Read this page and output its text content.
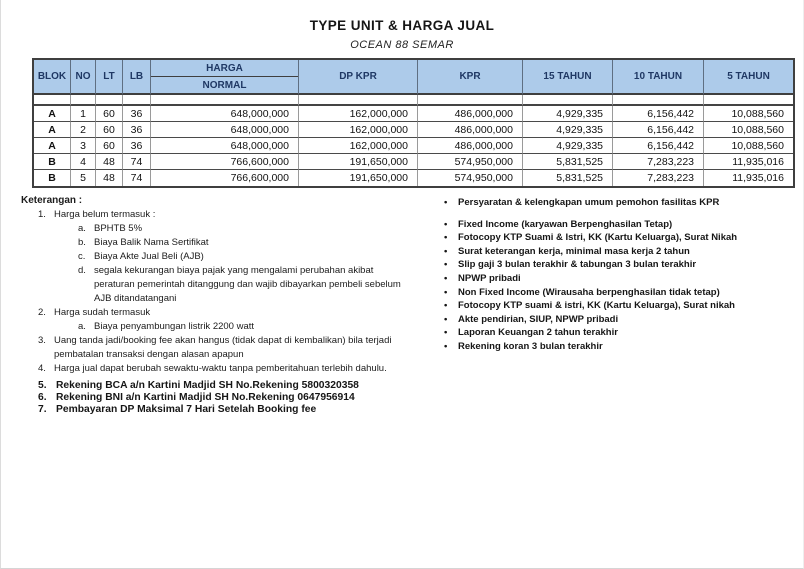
TYPE UNIT & HARGA JUAL
OCEAN 88 SEMAR
BLOK NO	LT	LB
HARGA
NORMAL
DP KPR	KPR	15 TAHUN	10 TAHUN	5 TAHUN
A	1	60	36	648,000,000	162,000,000	486,000,000	4,929,335	6,156,442	10,088,560
A	2	60	36	648,000,000	162,000,000	486,000,000	4,929,335	6,156,442	10,088,560
A	3	60	36	648,000,000	162,000,000	486,000,000	4,929,335	6,156,442	10,088,560
B	4	48	74	766,600,000	191,650,000	574,950,000	5,831,525	7,283,223	11,935,016
B	5	48	74	766,600,000	191,650,000	574,950,000	5,831,525	7,283,223	11,935,016
Keterangan :
1. Harga belum termasuk :
a. BPHTB 5%
b. Biaya Balik Nama Sertifikat
c. Biaya Akte Jual Beli (AJB)
d. segala kekurangan biaya pajak yang mengalami perubahan akibat peraturan pemerintah ditanggung dan wajib dibayarkan pembeli sebelum AJB ditandatangani
2. Harga sudah termasuk
a. Biaya penyambungan listrik 2200 watt
3. Uang tanda jadi/booking fee akan hangus (tidak dapat di kembalikan) bila terjadi pembatalan transaksi dengan alasan apapun
4. Harga jual dapat berubah sewaktu-waktu tanpa pemberitahuan terlebih dahulu.
5. Rekening BCA a/n Kartini Madjid SH No.Rekening 5800320358
6. Rekening BNI a/n Kartini Madjid SH No.Rekening 0647956914
7. Pembayaran DP Maksimal 7 Hari Setelah Booking fee
•	Persyaratan & kelengkapan umum pemohon fasilitas KPR
•	Fixed Income (karyawan Berpenghasilan Tetap)
•	Fotocopy KTP Suami & Istri, KK (Kartu Keluarga), Surat Nikah
•	Surat keterangan kerja, minimal masa kerja 2 tahun
•	Slip gaji 3 bulan terakhir & tabungan 3 bulan terakhir
•	NPWP pribadi
•	Non Fixed Income (Wirausaha berpenghasilan tidak tetap)
•	Fotocopy KTP suami & istri, KK (Kartu Keluarga), Surat nikah
•	Akte pendirian, SIUP, NPWP pribadi
•	Laporan Keuangan 2 tahun terakhir
•	Rekening koran 3 bulan terakhir
